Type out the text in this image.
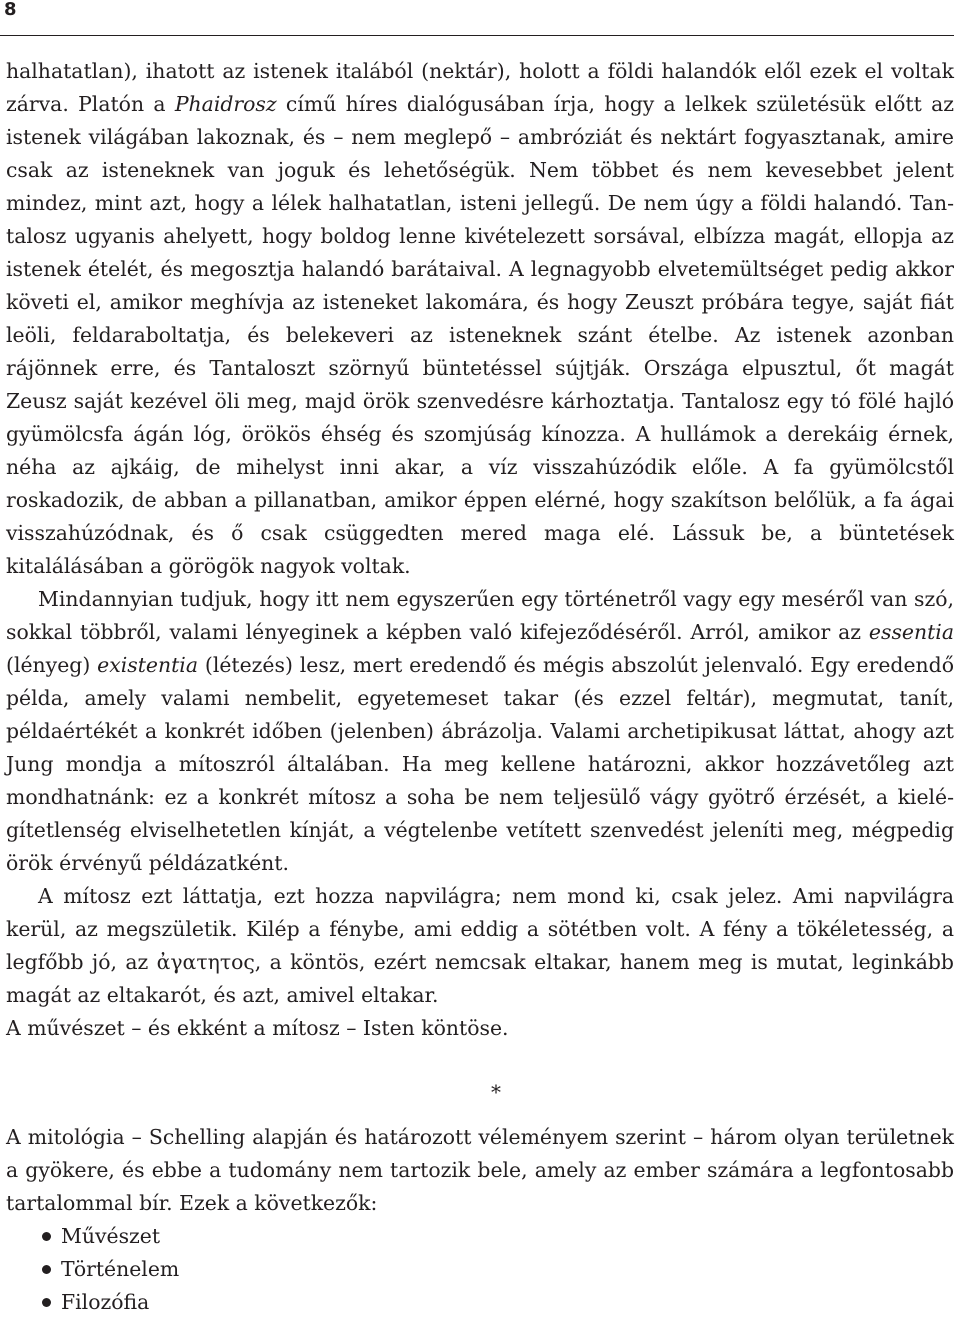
8

halhatatlan), ihatott az istenek italából (nektár), holott a földi halandók elől ezek el voltak zárva. Platón a Phaidrosz című híres dialógusában írja, hogy a lelkek születésük előtt az istenek világában lakoznak, és – nem meglepő – ambróziát és nektárt fogyasztanak, amire csak az isteneknek van joguk és lehetőségük. Nem többet és nem kevesebbet jelent mindez, mint azt, hogy a lélek halhatatlan, isteni jellegű. De nem úgy a földi halandó. Tantalosz ugyanis ahelyett, hogy boldog lenne kivételezett sorsával, elbízza magát, ellopja az istenek ételét, és megosztja halandó barátaival. A legnagyobb elvetemültséget pedig akkor követi el, amikor meghívja az isteneket lakomára, és hogy Zeuszt próbára tegye, saját fiát leöli, feldaraboltatja, és belekeveri az isteneknek szánt ételbe. Az istenek azonban rájönnek erre, és Tantaloszt szörnyű büntetéssel sújtják. Országa elpusztul, őt magát Zeusz saját kezével öli meg, majd örök szenvedésre kárhoztatja. Tantalosz egy tó fölé hajló gyümölcsfa ágán lóg, örökös éhség és szomjúság kínozza. A hullámok a derekáig érnek, néha az ajkáig, de mihelyst inni akar, a víz visszahúzódik előle. A fa gyümölcstől roskadozik, de abban a pillanatban, amikor éppen elérné, hogy szakítson belőlük, a fa ágai visszahúzódnak, és ő csak csüggedten mered maga elé. Lássuk be, a büntetések kitalálásában a görögök nagyok voltak.

Mindannyian tudjuk, hogy itt nem egyszerűen egy történetről vagy egy meséről van szó, sokkal többről, valami lényeginek a képben való kifejeződéséről. Arról, amikor az essentia (lényeg) existentia (létezés) lesz, mert eredendő és mégis abszolút jelenvaló. Egy eredendő példa, amely valami nembelit, egyetemeset takar (és ezzel feltár), megmutat, tanít, példaértékét a konkrét időben (jelenben) ábrázolja. Valami archetipikusat láttat, ahogy azt Jung mondja a mítoszról általában. Ha meg kellene határozni, akkor hozzávetőleg azt mondhatnánk: ez a konkrét mítosz a soha be nem teljesülő vágy gyötrő érzését, a kielégítetlenség elviselhetetlen kínját, a végtelenbe vetített szenvedést jeleníti meg, mégpedig örök érvényű példázatként.

A mítosz ezt láttatja, ezt hozza napvilágra; nem mond ki, csak jelez. Ami napvilágra kerül, az megszületik. Kilép a fénybe, ami eddig a sötétben volt. A fény a tökéletesség, a legfőbb jó, az ἀγατητος, a köntös, ezért nemcsak eltakar, hanem meg is mutat, leginkább magát az eltakarót, és azt, amivel eltakar.

A művészet – és ekként a mítosz – Isten köntöse.

*

A mitológia – Schelling alapján és határozott véleményem szerint – három olyan területnek a gyökere, és ebbe a tudomány nem tartozik bele, amely az ember számára a legfontosabb tartalommal bír. Ezek a következők:

Művészet
Történelem
Filozófia
